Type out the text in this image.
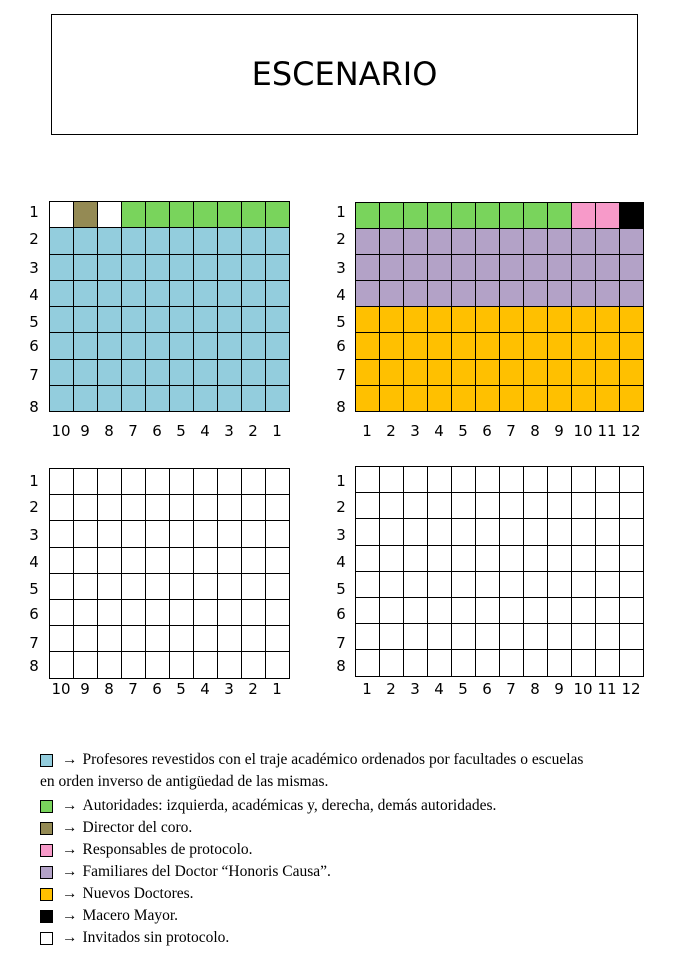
ESCENARIO
1
2
3
4
5
6
7
8
10 9 8 7 6 5 4 3 2 1
1
2
3
4
5
6
7
8
1 2 3 4 5 6 7 8 9 10 11 12
1
2
3
4
5
6
7
8
10 9 8 7 6 5 4 3 2 1
1
2
3
4
5
6
7
8
1 2 3 4 5 6 7 8 9 10 11 12
→ Profesores revestidos con el traje académico ordenados por facultades o escuelas
en orden inverso de antigüedad de las mismas.
→ Autoridades: izquierda, académicas y, derecha, demás autoridades.
→ Director del coro.
→ Responsables de protocolo.
→ Familiares del Doctor “Honoris Causa”.
→ Nuevos Doctores.
→ Macero Mayor.
→ Invitados sin protocolo.
